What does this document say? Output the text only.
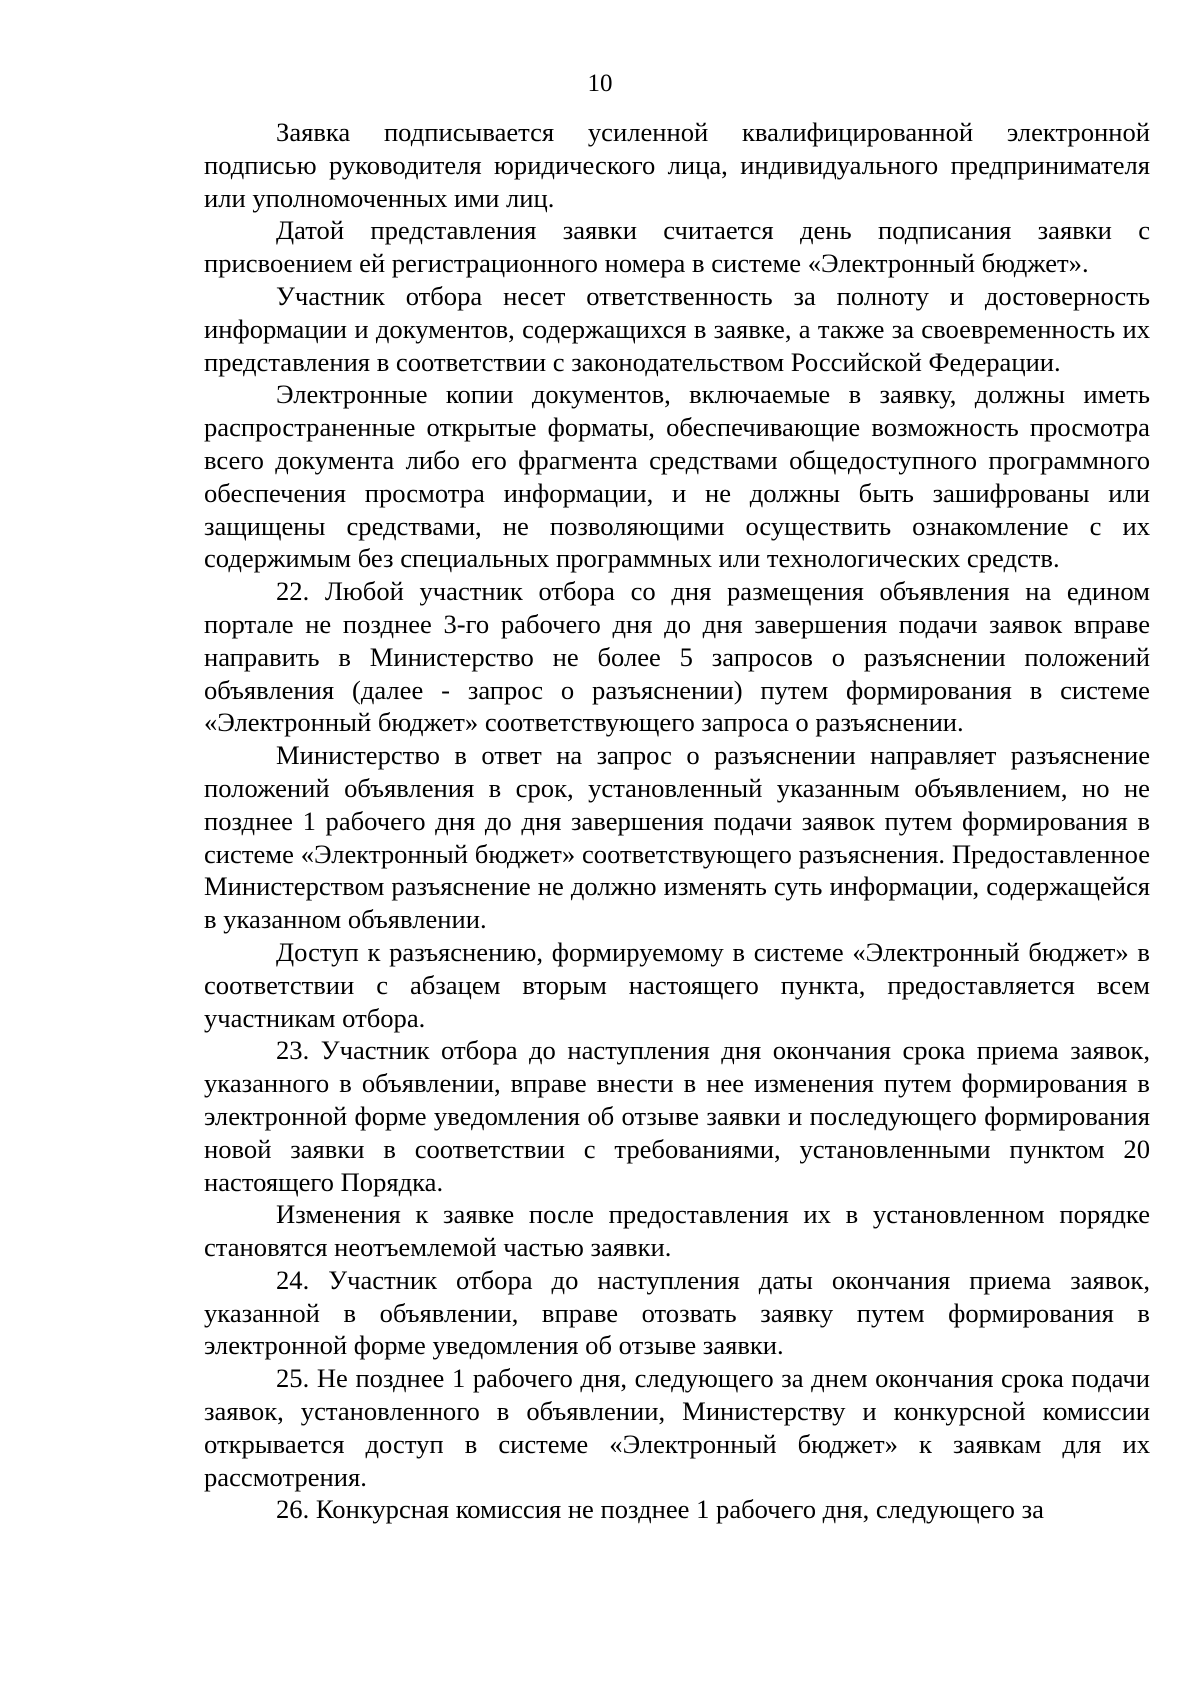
10

Заявка подписывается усиленной квалифицированной электронной подписью руководителя юридического лица, индивидуального предпринимателя или уполномоченных ими лиц.

Датой представления заявки считается день подписания заявки с присвоением ей регистрационного номера в системе «Электронный бюджет».

Участник отбора несет ответственность за полноту и достоверность информации и документов, содержащихся в заявке, а также за своевременность их представления в соответствии с законодательством Российской Федерации.

Электронные копии документов, включаемые в заявку, должны иметь распространенные открытые форматы, обеспечивающие возможность просмотра всего документа либо его фрагмента средствами общедоступного программного обеспечения просмотра информации, и не должны быть зашифрованы или защищены средствами, не позволяющими осуществить ознакомление с их содержимым без специальных программных или технологических средств.

22. Любой участник отбора со дня размещения объявления на едином портале не позднее 3-го рабочего дня до дня завершения подачи заявок вправе направить в Министерство не более 5 запросов о разъяснении положений объявления (далее - запрос о разъяснении) путем формирования в системе «Электронный бюджет» соответствующего запроса о разъяснении.

Министерство в ответ на запрос о разъяснении направляет разъяснение положений объявления в срок, установленный указанным объявлением, но не позднее 1 рабочего дня до дня завершения подачи заявок путем формирования в системе «Электронный бюджет» соответствующего разъяснения. Предоставленное Министерством разъяснение не должно изменять суть информации, содержащейся в указанном объявлении.

Доступ к разъяснению, формируемому в системе «Электронный бюджет» в соответствии с абзацем вторым настоящего пункта, предоставляется всем участникам отбора.

23. Участник отбора до наступления дня окончания срока приема заявок, указанного в объявлении, вправе внести в нее изменения путем формирования в электронной форме уведомления об отзыве заявки и последующего формирования новой заявки в соответствии с требованиями, установленными пунктом 20 настоящего Порядка.

Изменения к заявке после предоставления их в установленном порядке становятся неотъемлемой частью заявки.

24. Участник отбора до наступления даты окончания приема заявок, указанной в объявлении, вправе отозвать заявку путем формирования в электронной форме уведомления об отзыве заявки.

25. Не позднее 1 рабочего дня, следующего за днем окончания срока подачи заявок, установленного в объявлении, Министерству и конкурсной комиссии открывается доступ в системе «Электронный бюджет» к заявкам для их рассмотрения.

26. Конкурсная комиссия не позднее 1 рабочего дня, следующего за
